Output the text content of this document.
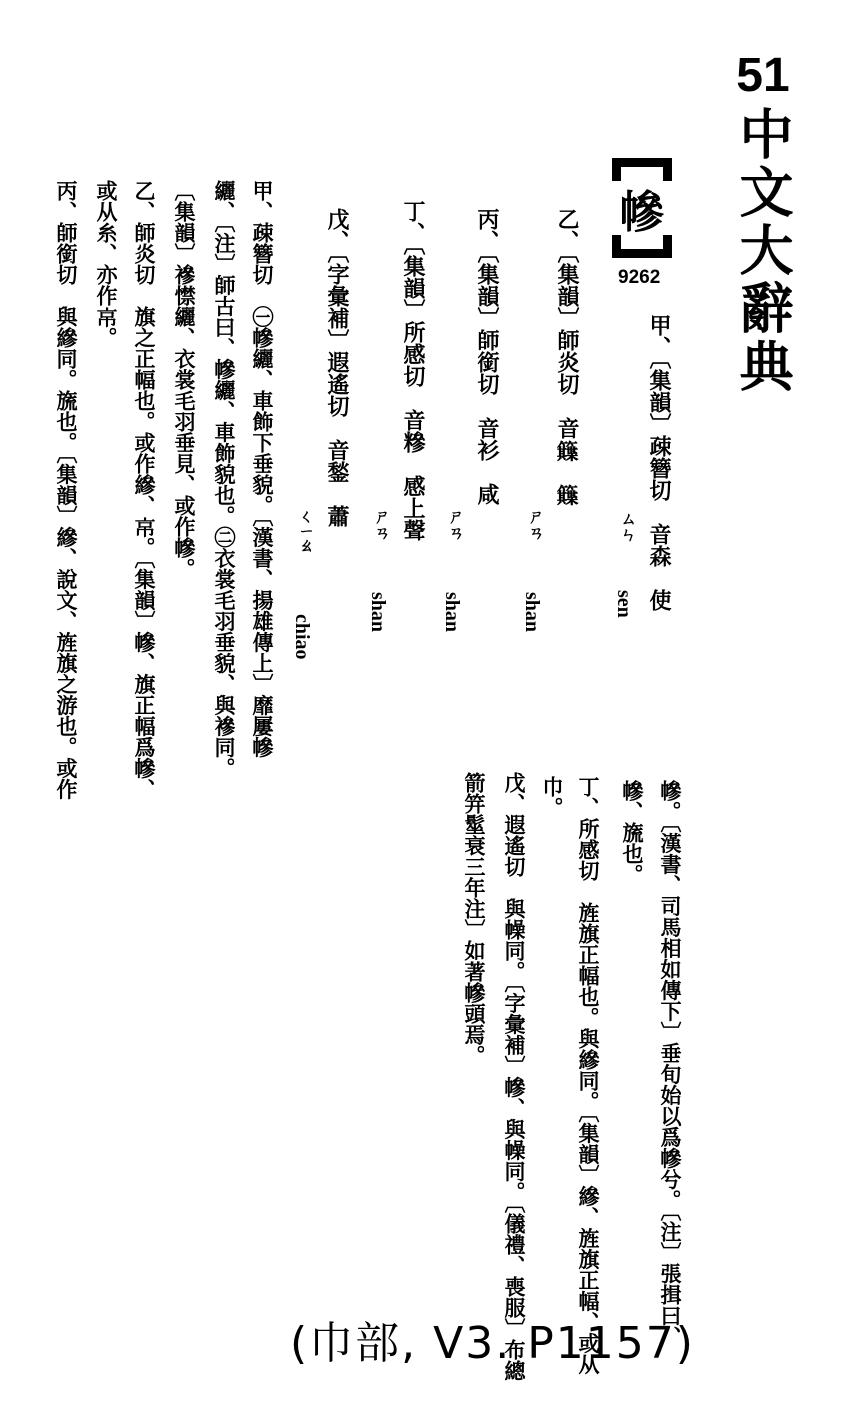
51
中文大辭典
幓
9262
甲、〔集韻〕疎簪切　音森　使
ㄙㄣ
sen
乙、〔集韻〕師炎切　音𥷕　𥷕
ㄕㄢ
shan
丙、〔集韻〕師銜切　音衫　咸
ㄕㄢ
shan
丁、〔集韻〕所感切　音糝　感上聲
ㄕㄢ
shan
戊、〔字彙補〕遐遙切　音鍫　蕭
ㄑㄧㄠ
chiao
甲、疎簪切　㊀幓纚、車飾下垂貌。〔漢書、揚雄傳上〕靡屢幓
纚、〔注〕師古曰、幓纚、車飾貌也。㊁衣裳毛羽垂貌、與襂同。
〔集韻〕襂㦗纚、衣裳毛羽垂見、或作幓。
乙、師炎切　旗之正幅也。或作縿、𢂋。〔集韻〕幓、旗正幅爲幓、
或从糸、亦作𢂋。
丙、師銜切　與縿同。旒也。〔集韻〕縿、說文、旌旗之游也。或作
幓。〔漢書、司馬相如傳下〕垂旬始以爲幓兮。〔注〕張揖曰、
幓、旒也。
丁、所感切　旌旗正幅也。與縿同。〔集韻〕縿、旌旗正幅、或从
巾。
戊、遐遙切　與幧同。〔字彙補〕幓、與幧同。〔儀禮、喪服〕布總
箭笄髽衰三年注〕如著幓頭焉。
(巾部, V3. P1157)
